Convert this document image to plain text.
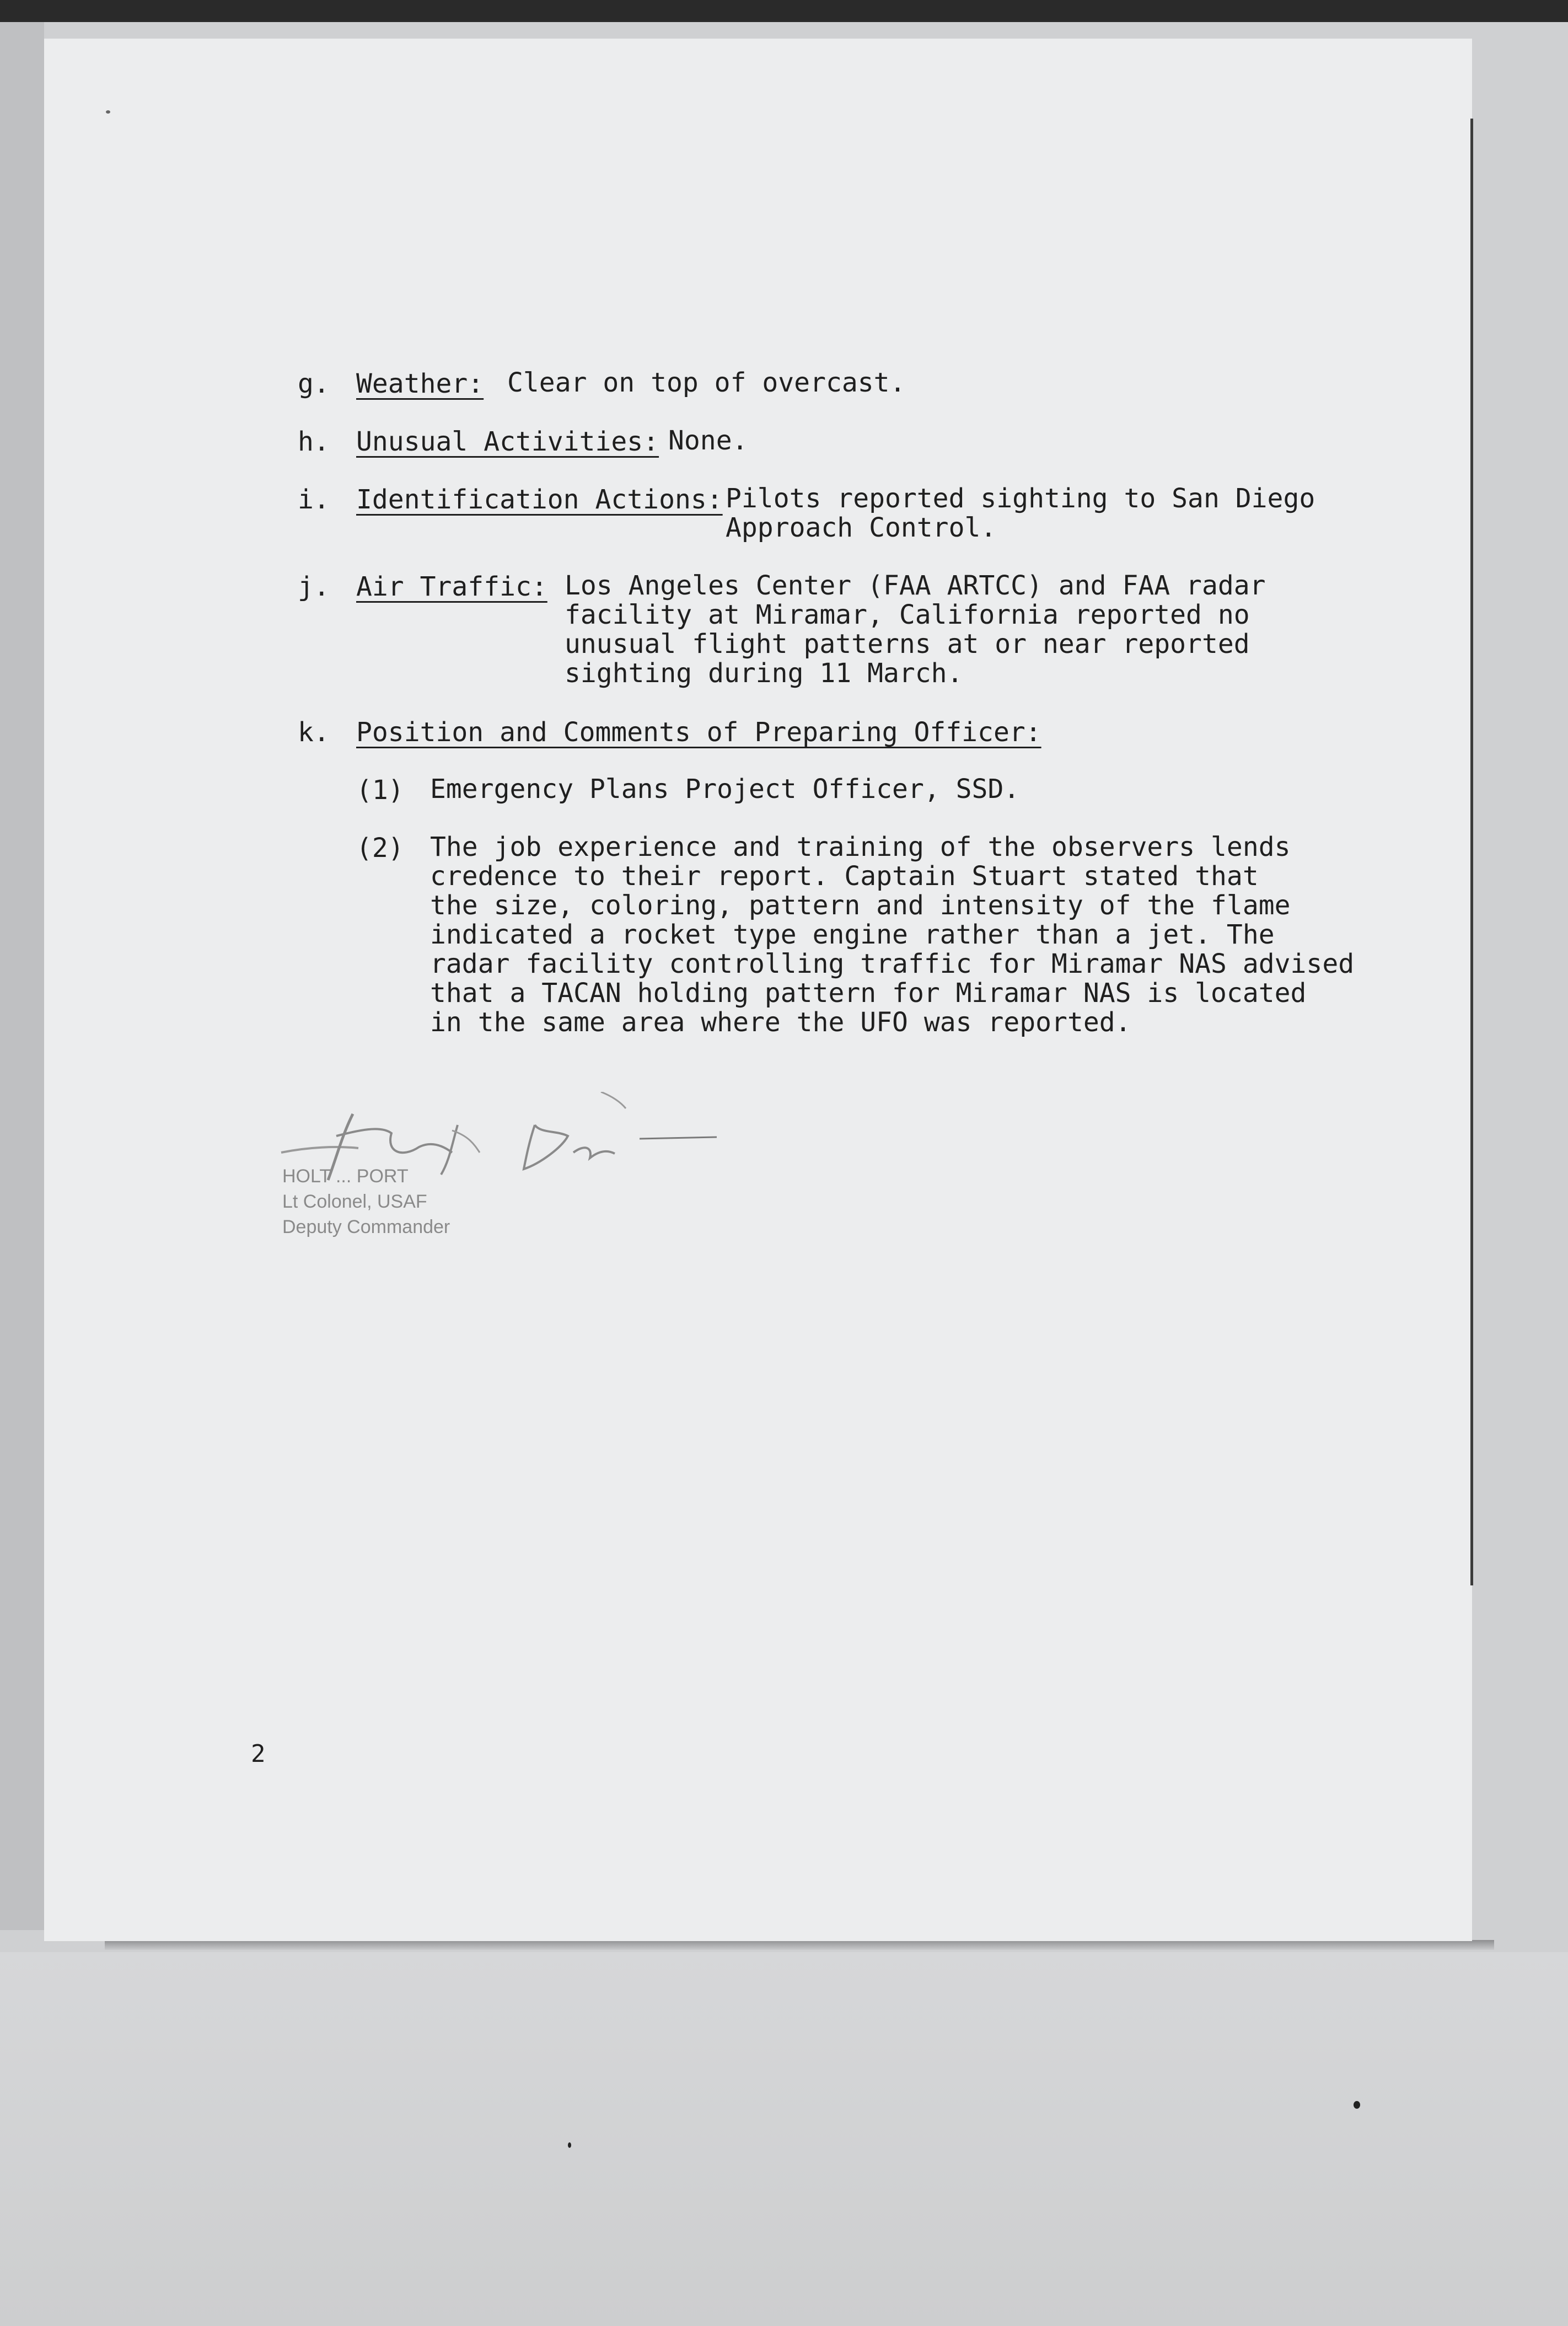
g. Weather: Clear on top of overcast.
h. Unusual Activities: None.
i. Identification Actions: Pilots reported sighting to San Diego
Approach Control.
j. Air Traffic: Los Angeles Center (FAA ARTCC) and FAA radar
facility at Miramar, California reported no
unusual flight patterns at or near reported
sighting during 11 March.
k. Position and Comments of Preparing Officer:
(1) Emergency Plans Project Officer, SSD.
(2) The job experience and training of the observers lends
credence to their report. Captain Stuart stated that
the size, coloring, pattern and intensity of the flame
indicated a rocket type engine rather than a jet. The
radar facility controlling traffic for Miramar NAS advised
that a TACAN holding pattern for Miramar NAS is located
in the same area where the UFO was reported.
HOLT ... PORT
Lt Colonel, USAF
Deputy Commander
2
